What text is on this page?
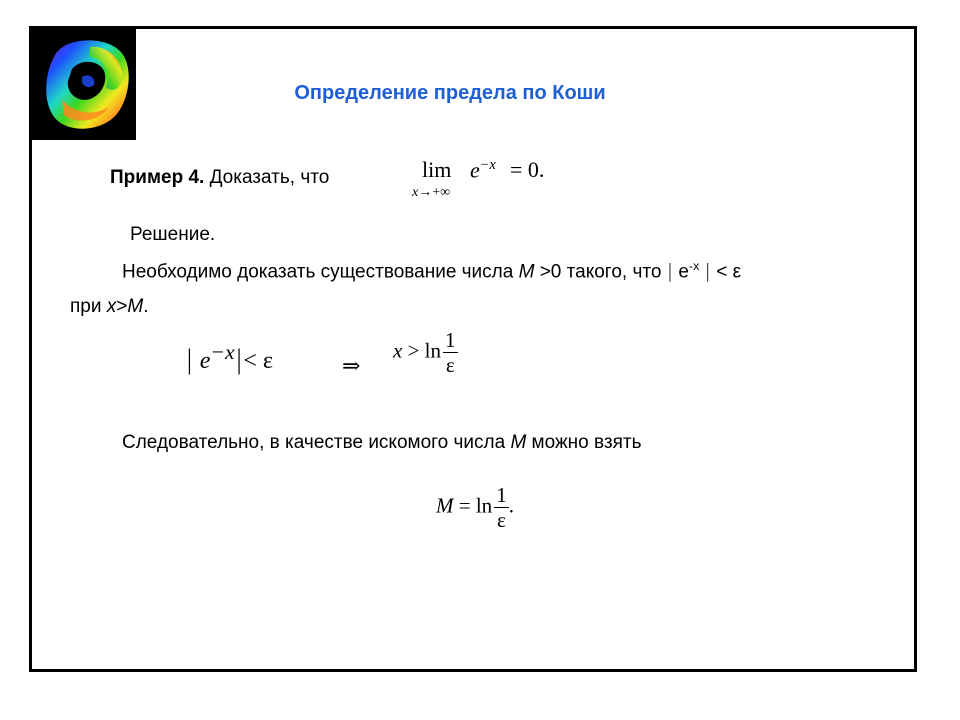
Определение предела по Коши
Пример 4. Доказать, что	lim
x→+∞
$e^{-x} = 0$.
Решение.
Необходимо доказать существование числа M >0 такого, что | $e^{-x}$ | < ε
при x>M.
| e−x|< ε	⇒
$x > \ln \frac{1}{\varepsilon}$
Следовательно, в качестве искомого числа M можно взять
$M = \ln \frac{1}{\varepsilon}$ .
